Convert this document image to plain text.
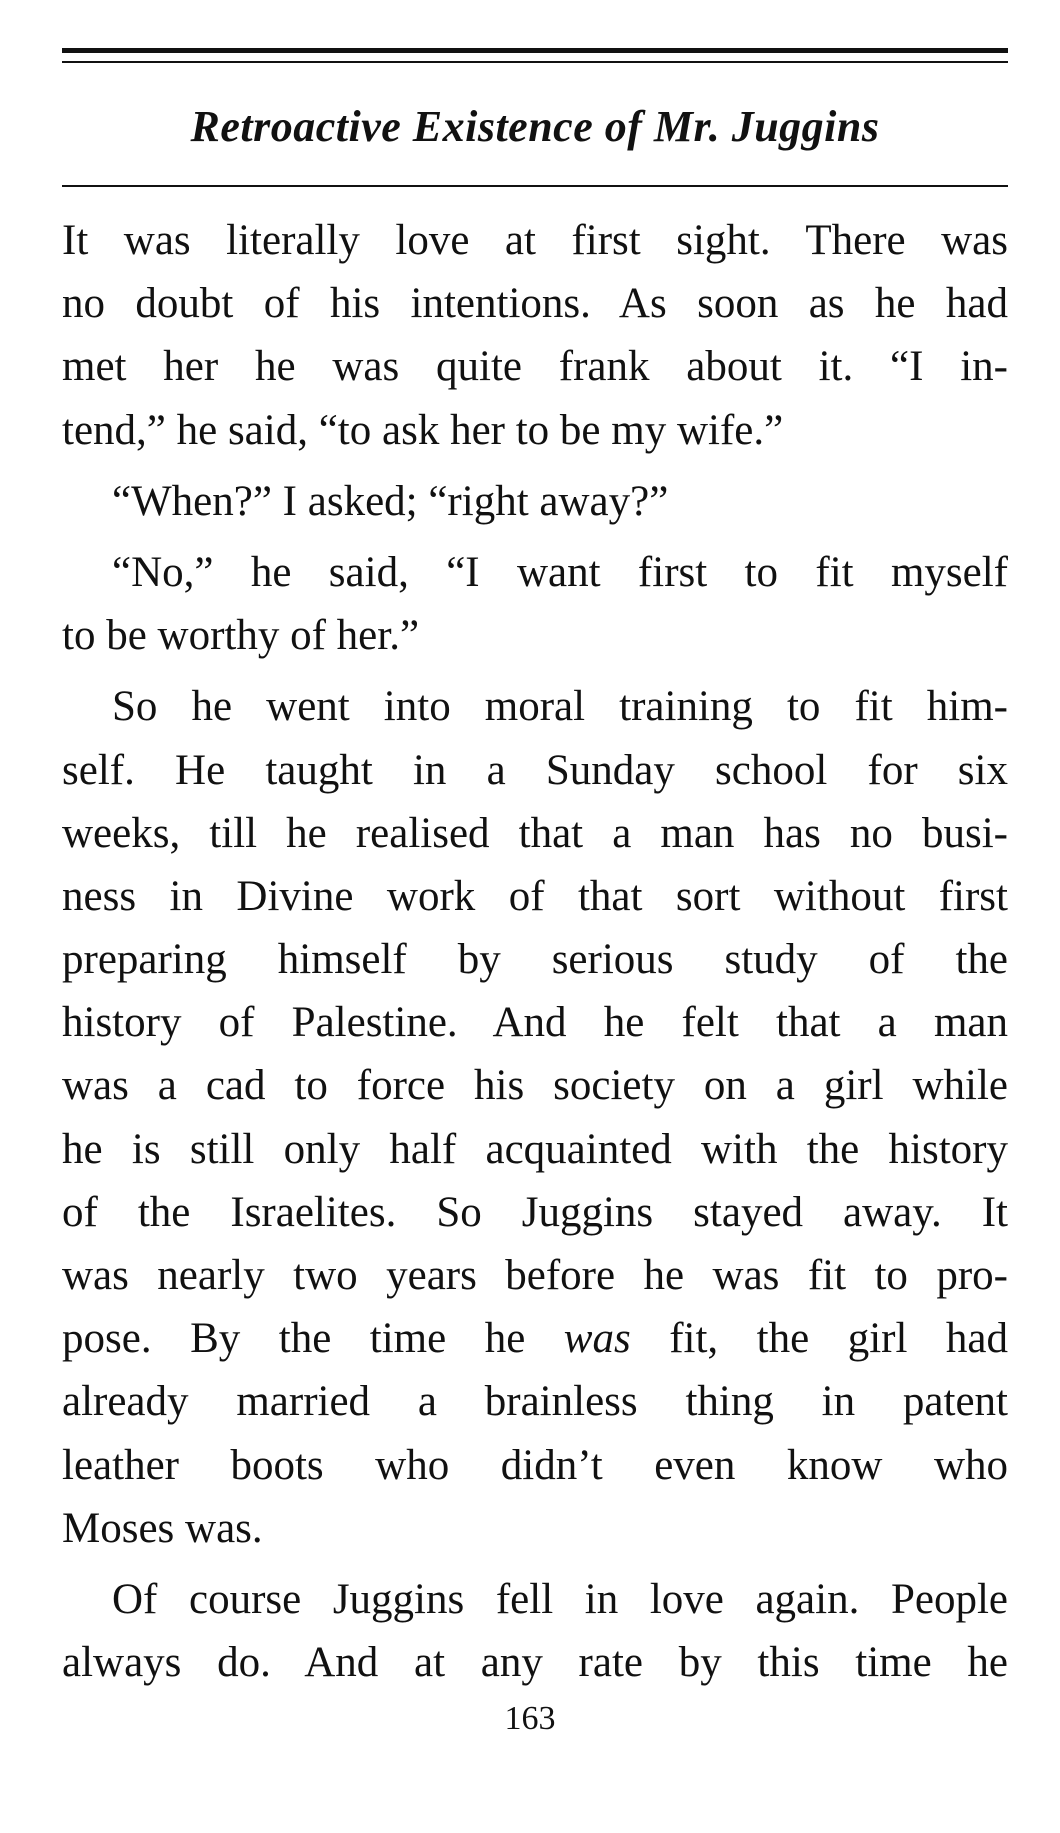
Retroactive Existence of Mr. Juggins
It was literally love at first sight. There was
no doubt of his intentions. As soon as he had
met her he was quite frank about it. “I in-
tend,” he said, “to ask her to be my wife.”
“When?” I asked; “right away?”
“No,” he said, “I want first to fit myself
to be worthy of her.”
So he went into moral training to fit him-
self. He taught in a Sunday school for six
weeks, till he realised that a man has no busi-
ness in Divine work of that sort without first
preparing himself by serious study of the
history of Palestine. And he felt that a man
was a cad to force his society on a girl while
he is still only half acquainted with the history
of the Israelites. So Juggins stayed away. It
was nearly two years before he was fit to pro-
pose. By the time he was fit, the girl had
already married a brainless thing in patent
leather boots who didn’t even know who
Moses was.
Of course Juggins fell in love again. People
always do. And at any rate by this time he
163
